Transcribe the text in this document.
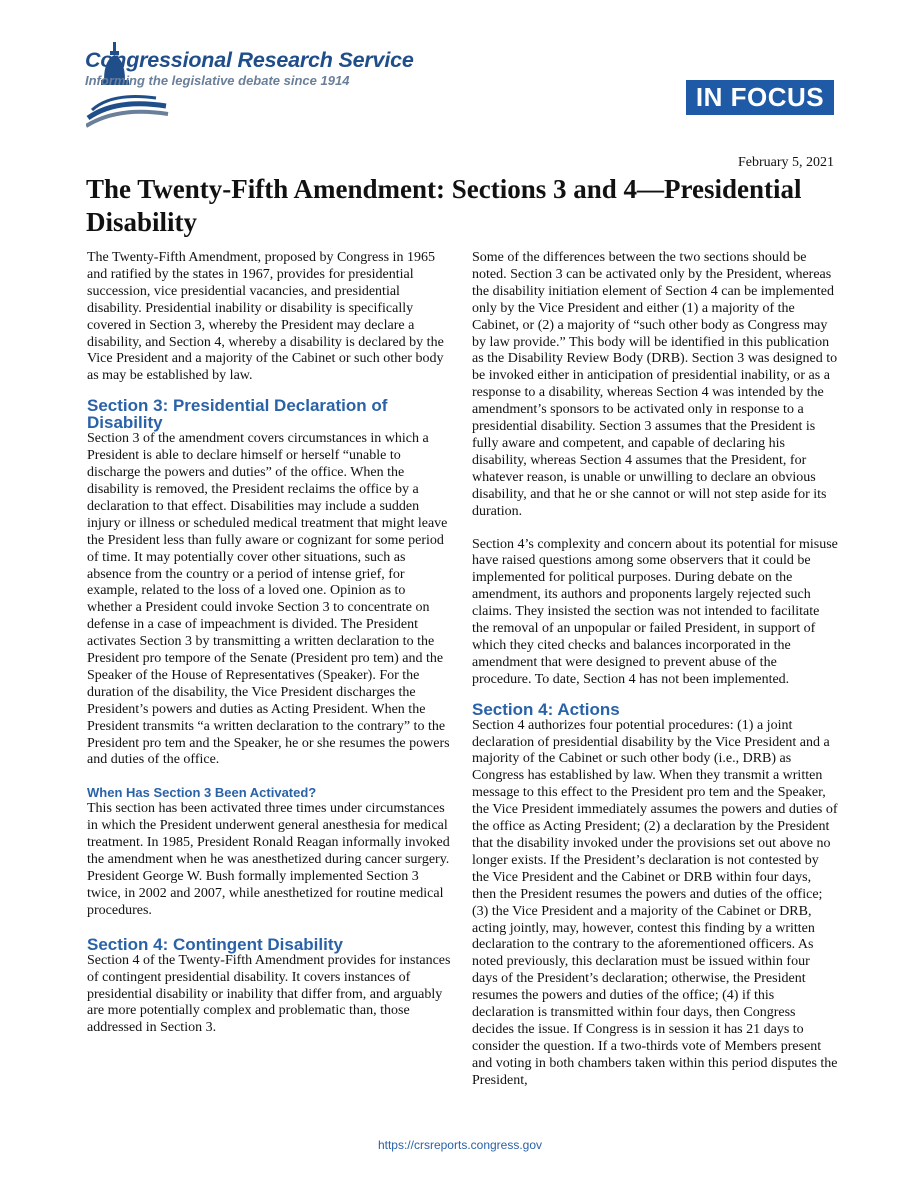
Congressional Research Service
Informing the legislative debate since 1914
IN FOCUS
February 5, 2021
The Twenty-Fifth Amendment: Sections 3 and 4—Presidential Disability

The Twenty-Fifth Amendment, proposed by Congress in 1965 and ratified by the states in 1967, provides for presidential succession, vice presidential vacancies, and presidential disability. Presidential inability or disability is specifically covered in Section 3, whereby the President may declare a disability, and Section 4, whereby a disability is declared by the Vice President and a majority of the Cabinet or such other body as may be established by law.

Section 3: Presidential Declaration of Disability

Section 3 of the amendment covers circumstances in which a President is able to declare himself or herself “unable to discharge the powers and duties” of the office. When the disability is removed, the President reclaims the office by a declaration to that effect. Disabilities may include a sudden injury or illness or scheduled medical treatment that might leave the President less than fully aware or cognizant for some period of time. It may potentially cover other situations, such as absence from the country or a period of intense grief, for example, related to the loss of a loved one. Opinion as to whether a President could invoke Section 3 to concentrate on defense in a case of impeachment is divided. The President activates Section 3 by transmitting a written declaration to the President pro tempore of the Senate (President pro tem) and the Speaker of the House of Representatives (Speaker). For the duration of the disability, the Vice President discharges the President’s powers and duties as Acting President. When the President transmits “a written declaration to the contrary” to the President pro tem and the Speaker, he or she resumes the powers and duties of the office.

When Has Section 3 Been Activated?

This section has been activated three times under circumstances in which the President underwent general anesthesia for medical treatment. In 1985, President Ronald Reagan informally invoked the amendment when he was anesthetized during cancer surgery. President George W. Bush formally implemented Section 3 twice, in 2002 and 2007, while anesthetized for routine medical procedures.

Section 4: Contingent Disability

Section 4 of the Twenty-Fifth Amendment provides for instances of contingent presidential disability. It covers instances of presidential disability or inability that differ from, and arguably are more potentially complex and problematic than, those addressed in Section 3.

Some of the differences between the two sections should be noted. Section 3 can be activated only by the President, whereas the disability initiation element of Section 4 can be implemented only by the Vice President and either (1) a majority of the Cabinet, or (2) a majority of “such other body as Congress may by law provide.” This body will be identified in this publication as the Disability Review Body (DRB). Section 3 was designed to be invoked either in anticipation of presidential inability, or as a response to a disability, whereas Section 4 was intended by the amendment’s sponsors to be activated only in response to a presidential disability. Section 3 assumes that the President is fully aware and competent, and capable of declaring his disability, whereas Section 4 assumes that the President, for whatever reason, is unable or unwilling to declare an obvious disability, and that he or she cannot or will not step aside for its duration.

Section 4’s complexity and concern about its potential for misuse have raised questions among some observers that it could be implemented for political purposes. During debate on the amendment, its authors and proponents largely rejected such claims. They insisted the section was not intended to facilitate the removal of an unpopular or failed President, in support of which they cited checks and balances incorporated in the amendment that were designed to prevent abuse of the procedure. To date, Section 4 has not been implemented.

Section 4: Actions

Section 4 authorizes four potential procedures: (1) a joint declaration of presidential disability by the Vice President and a majority of the Cabinet or such other body (i.e., DRB) as Congress has established by law. When they transmit a written message to this effect to the President pro tem and the Speaker, the Vice President immediately assumes the powers and duties of the office as Acting President; (2) a declaration by the President that the disability invoked under the provisions set out above no longer exists. If the President’s declaration is not contested by the Vice President and the Cabinet or DRB within four days, then the President resumes the powers and duties of the office; (3) the Vice President and a majority of the Cabinet or DRB, acting jointly, may, however, contest this finding by a written declaration to the contrary to the aforementioned officers. As noted previously, this declaration must be issued within four days of the President’s declaration; otherwise, the President resumes the powers and duties of the office; (4) if this declaration is transmitted within four days, then Congress decides the issue. If Congress is in session it has 21 days to consider the question. If a two-thirds vote of Members present and voting in both chambers taken within this period disputes the President,

https://crsreports.congress.gov
